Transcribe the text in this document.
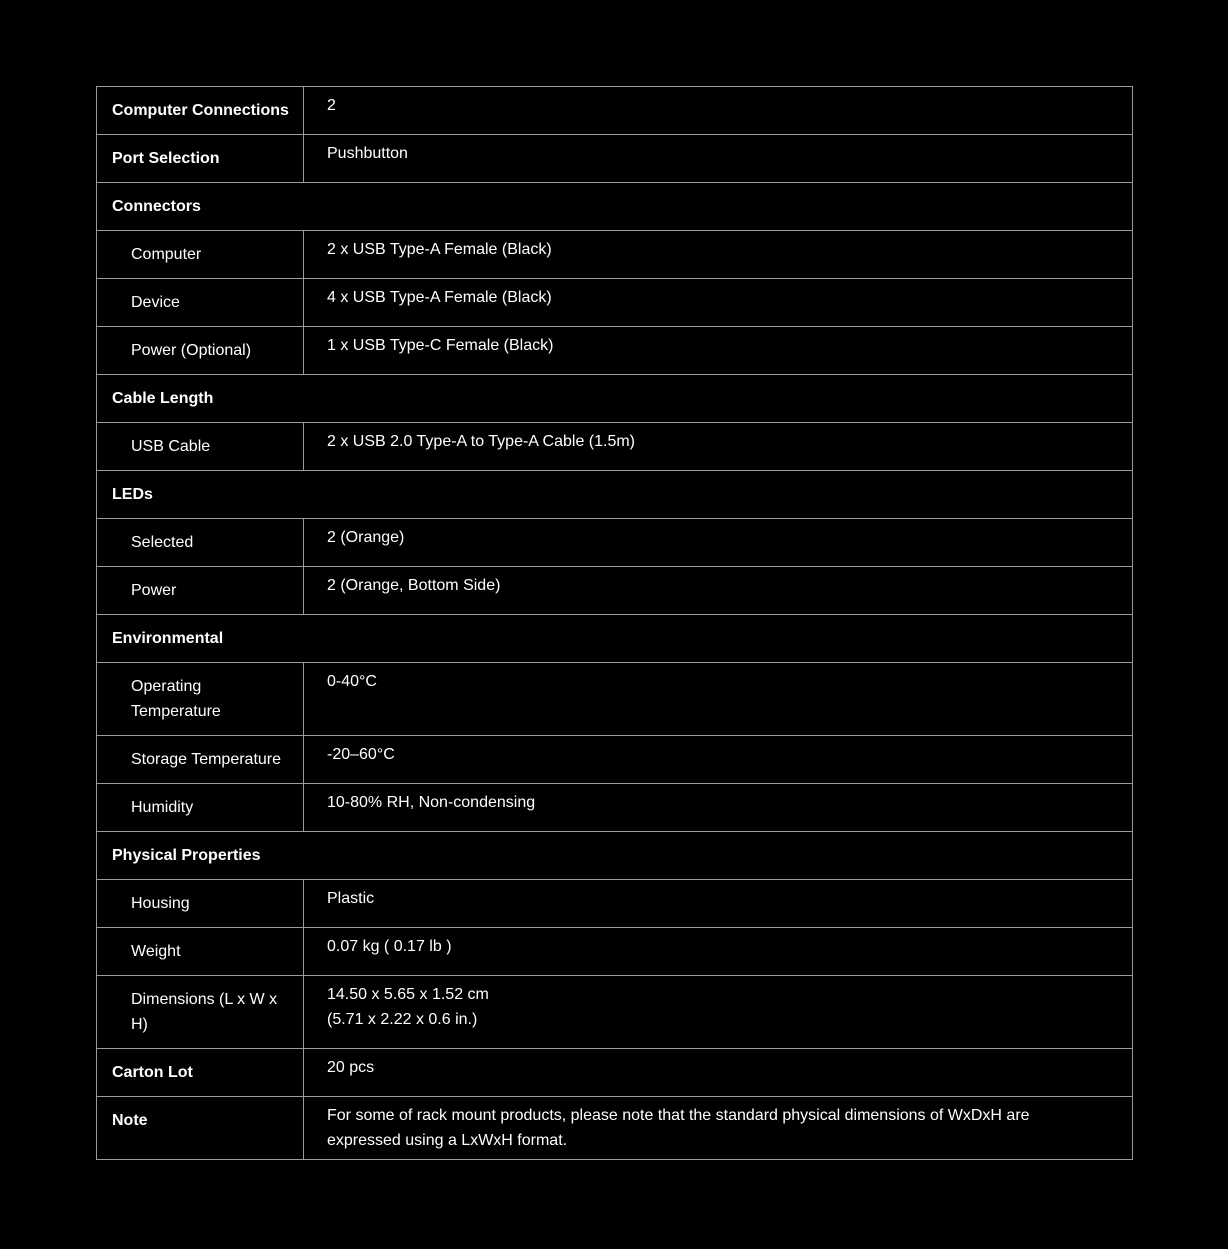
Computer Connections	2
Port Selection	Pushbutton
Connectors	
Computer	2 x USB Type-A Female (Black)
Device	4 x USB Type-A Female (Black)
Power (Optional)	1 x USB Type-C Female (Black)
Cable Length	
USB Cable	2 x USB 2.0 Type-A to Type-A Cable (1.5m)
LEDs	
Selected	2 (Orange)
Power	2 (Orange, Bottom Side)
Environmental	
Operating Temperature	0-40°C
Storage Temperature	-20–60°C
Humidity	10-80% RH, Non-condensing
Physical Properties	
Housing	Plastic
Weight	0.07 kg ( 0.17 lb )
Dimensions (L x W x H)	14.50 x 5.65 x 1.52 cm
(5.71 x 2.22 x 0.6 in.)

Carton Lot	20 pcs
Note	For some of rack mount products, please note that the standard physical dimensions of WxDxH are expressed using a LxWxH format.
